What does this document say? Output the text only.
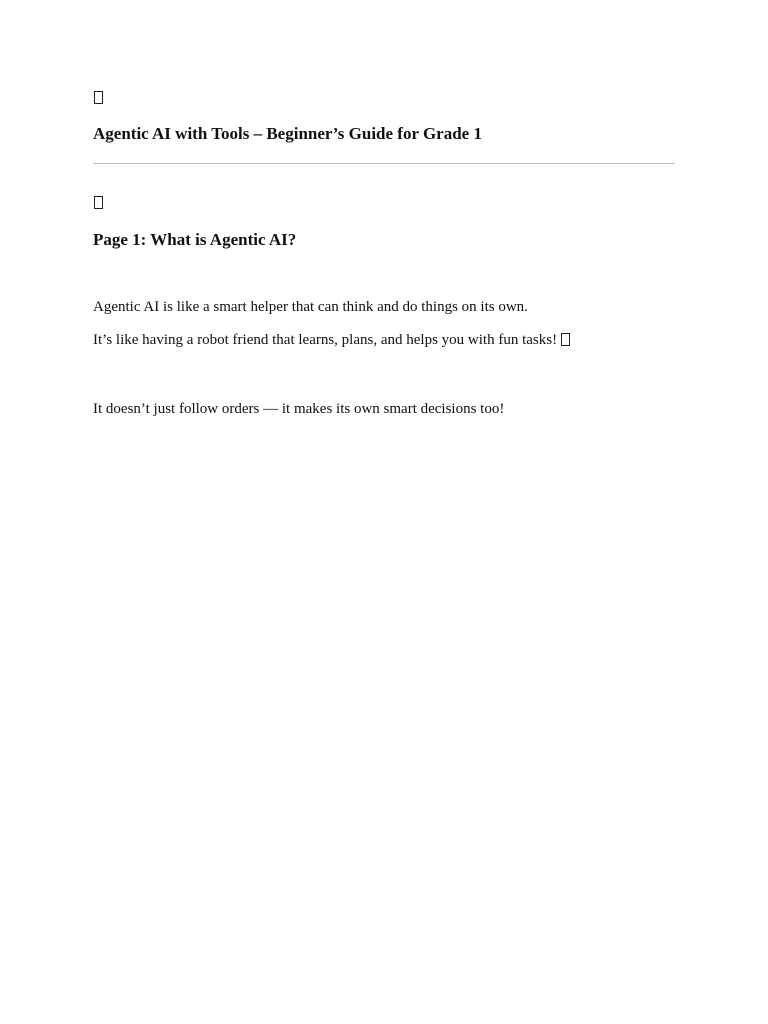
Agentic AI with Tools – Beginner’s Guide for Grade 1
Page 1: What is Agentic AI?

Agentic AI is like a smart helper that can think and do things on its own.

It’s like having a robot friend that learns, plans, and helps you with fun tasks!

It doesn’t just follow orders — it makes its own smart decisions too!
